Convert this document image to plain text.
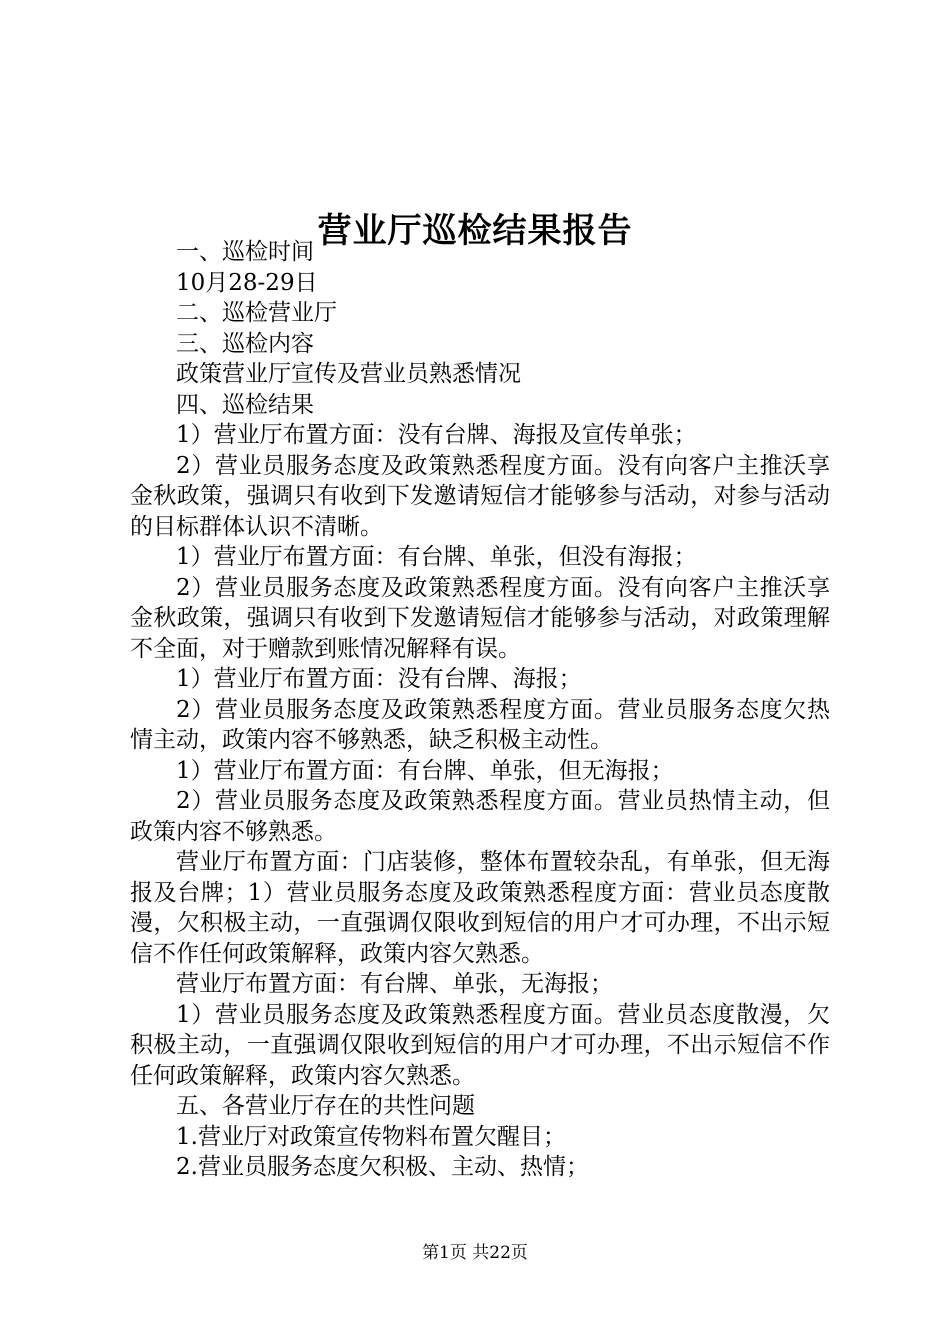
营业厅巡检结果报告

一、巡检时间

10月28-29日

二、巡检营业厅

三、巡检内容

政策营业厅宣传及营业员熟悉情况

四、巡检结果

1）营业厅布置方面：没有台牌、海报及宣传单张；

2）营业员服务态度及政策熟悉程度方面。没有向客户主推沃享金秋政策，强调只有收到下发邀请短信才能够参与活动，对参与活动的目标群体认识不清晰。

1）营业厅布置方面：有台牌、单张，但没有海报；

2）营业员服务态度及政策熟悉程度方面。没有向客户主推沃享金秋政策，强调只有收到下发邀请短信才能够参与活动，对政策理解不全面，对于赠款到账情况解释有误。

1）营业厅布置方面：没有台牌、海报；

2）营业员服务态度及政策熟悉程度方面。营业员服务态度欠热情主动，政策内容不够熟悉，缺乏积极主动性。

1）营业厅布置方面：有台牌、单张，但无海报；

2）营业员服务态度及政策熟悉程度方面。营业员热情主动，但政策内容不够熟悉。

营业厅布置方面：门店装修，整体布置较杂乱，有单张，但无海报及台牌；1）营业员服务态度及政策熟悉程度方面：营业员态度散漫，欠积极主动，一直强调仅限收到短信的用户才可办理，不出示短信不作任何政策解释，政策内容欠熟悉。

营业厅布置方面：有台牌、单张，无海报；

1）营业员服务态度及政策熟悉程度方面。营业员态度散漫，欠积极主动，一直强调仅限收到短信的用户才可办理，不出示短信不作任何政策解释，政策内容欠熟悉。

五、各营业厅存在的共性问题

1.营业厅对政策宣传物料布置欠醒目；

2.营业员服务态度欠积极、主动、热情；

第1页 共22页
